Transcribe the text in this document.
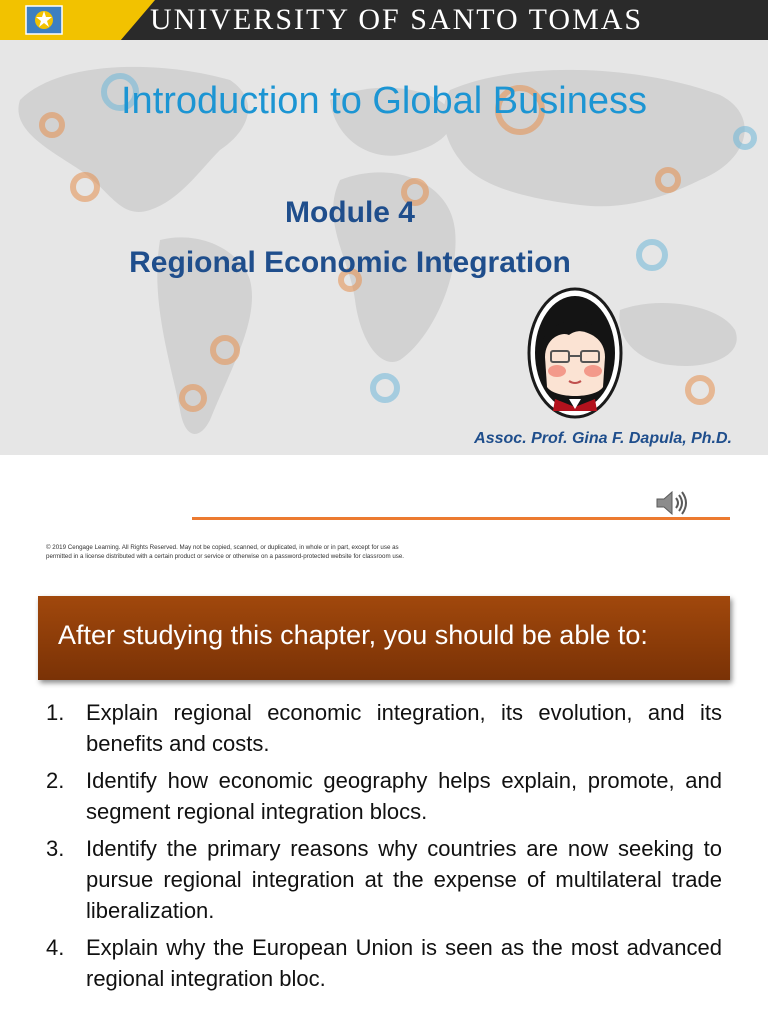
UNIVERSITY OF SANTO TOMAS
Introduction to Global Business
Module 4
Regional Economic Integration
Assoc. Prof. Gina F. Dapula, Ph.D.
© 2019 Cengage Learning. All Rights Reserved. May not be copied, scanned, or duplicated, in whole or in part, except for use as
permitted in a license distributed with a certain product or service or otherwise on a password-protected website for classroom use.
After studying this chapter, you should be able to:
1. Explain regional economic integration, its evolution, and its benefits and costs.
2. Identify how economic geography helps explain, promote, and segment regional integration blocs.
3. Identify the primary reasons why countries are now seeking to pursue regional integration at the expense of multilateral trade liberalization.
4. Explain why the European Union is seen as the most advanced regional integration bloc.
